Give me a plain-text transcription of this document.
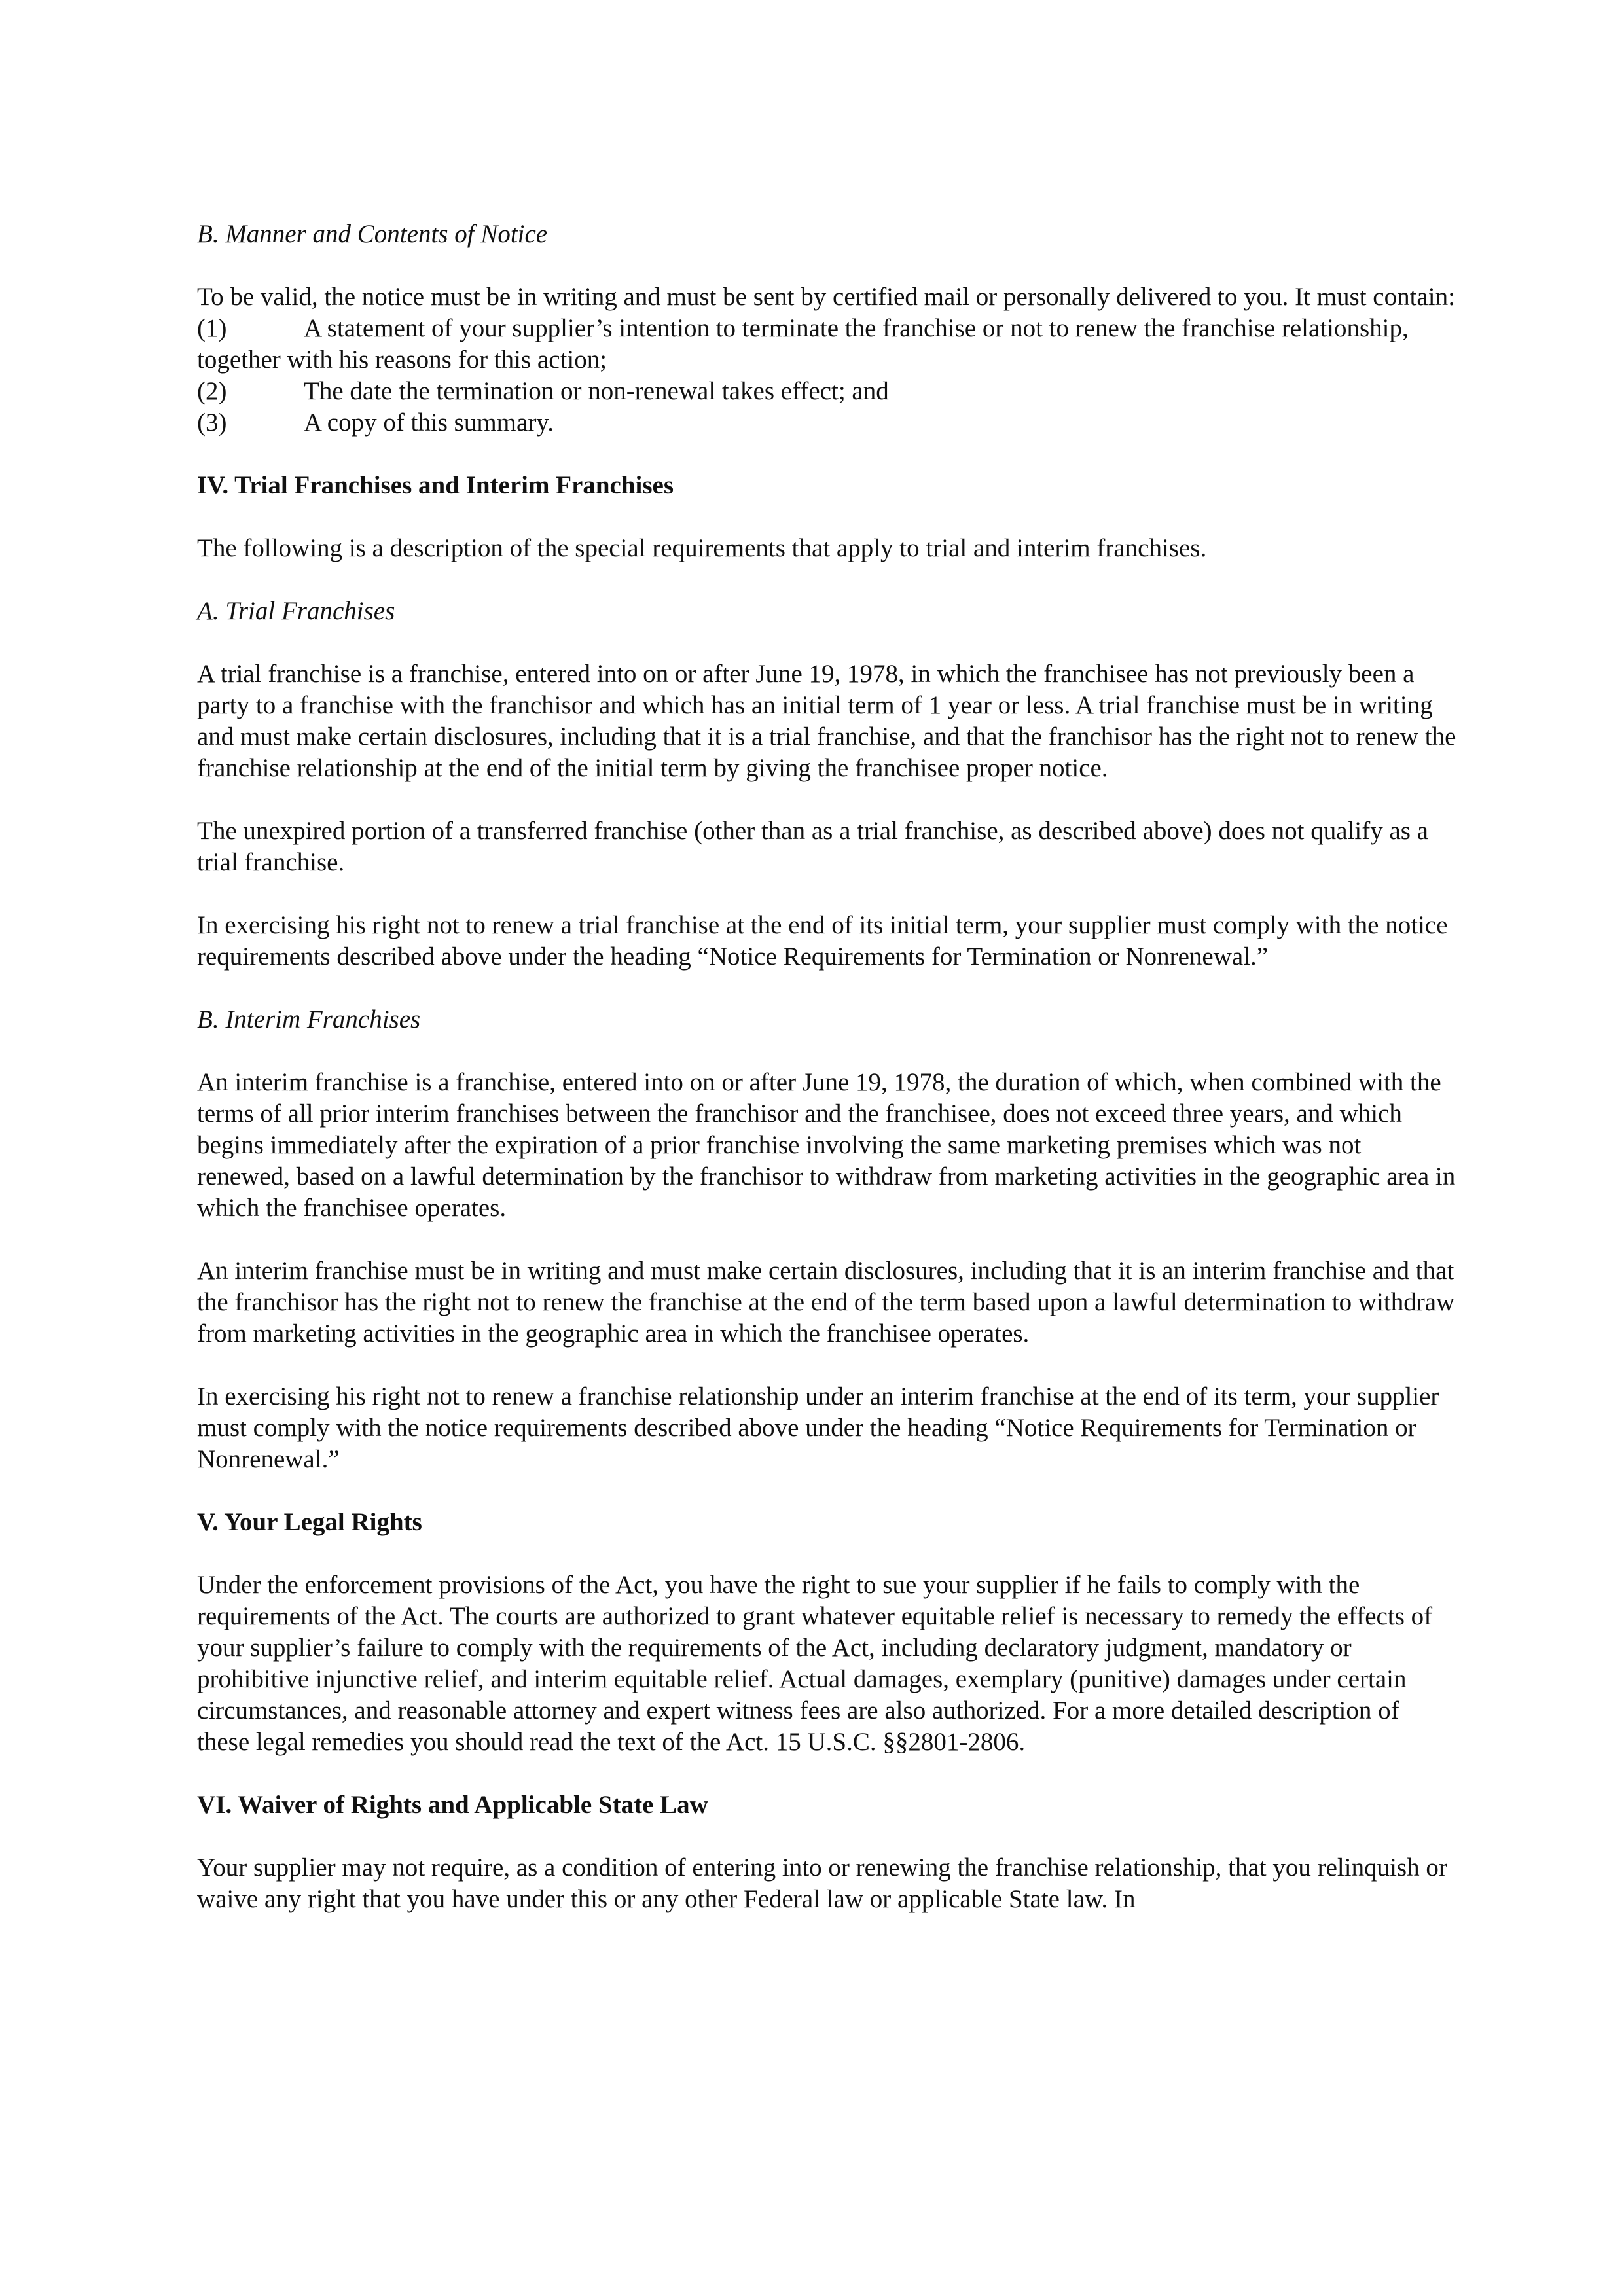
B. Manner and Contents of Notice

To be valid, the notice must be in writing and must be sent by certified mail or personally delivered to you. It must contain:

(1)	A statement of your supplier’s intention to terminate the franchise or not to renew the franchise relationship, together with his reasons for this action;

(2)	The date the termination or non-renewal takes effect; and

(3)	A copy of this summary.

IV. Trial Franchises and Interim Franchises

The following is a description of the special requirements that apply to trial and interim franchises.

A. Trial Franchises

A trial franchise is a franchise, entered into on or after June 19, 1978, in which the franchisee has not previously been a party to a franchise with the franchisor and which has an initial term of 1 year or less. A trial franchise must be in writing and must make certain disclosures, including that it is a trial franchise, and that the franchisor has the right not to renew the franchise relationship at the end of the initial term by giving the franchisee proper notice.

The unexpired portion of a transferred franchise (other than as a trial franchise, as described above) does not qualify as a trial franchise.

In exercising his right not to renew a trial franchise at the end of its initial term, your supplier must comply with the notice requirements described above under the heading “Notice Requirements for Termination or Nonrenewal.”

B. Interim Franchises

An interim franchise is a franchise, entered into on or after June 19, 1978, the duration of which, when combined with the terms of all prior interim franchises between the franchisor and the franchisee, does not exceed three years, and which begins immediately after the expiration of a prior franchise involving the same marketing premises which was not renewed, based on a lawful determination by the franchisor to withdraw from marketing activities in the geographic area in which the franchisee operates.

An interim franchise must be in writing and must make certain disclosures, including that it is an interim franchise and that the franchisor has the right not to renew the franchise at the end of the term based upon a lawful determination to withdraw from marketing activities in the geographic area in which the franchisee operates.

In exercising his right not to renew a franchise relationship under an interim franchise at the end of its term, your supplier must comply with the notice requirements described above under the heading “Notice Requirements for Termination or Nonrenewal.”

V. Your Legal Rights

Under the enforcement provisions of the Act, you have the right to sue your supplier if he fails to comply with the requirements of the Act. The courts are authorized to grant whatever equitable relief is necessary to remedy the effects of your supplier’s failure to comply with the requirements of the Act, including declaratory judgment, mandatory or prohibitive injunctive relief, and interim equitable relief. Actual damages, exemplary (punitive) damages under certain circumstances, and reasonable attorney and expert witness fees are also authorized. For a more detailed description of these legal remedies you should read the text of the Act. 15 U.S.C. §§2801-2806.

VI. Waiver of Rights and Applicable State Law

Your supplier may not require, as a condition of entering into or renewing the franchise relationship, that you relinquish or waive any right that you have under this or any other Federal law or applicable State law. In
